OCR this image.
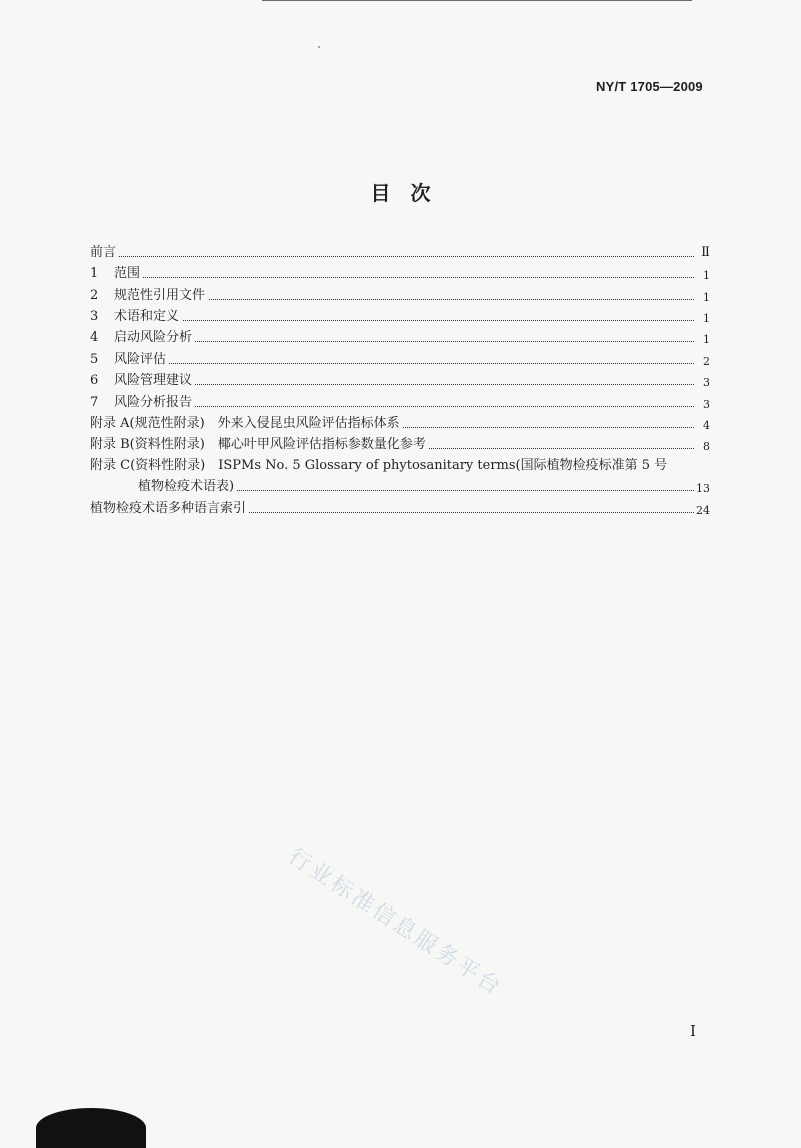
NY/T 1705—2009
目　次
前言	Ⅱ
1 范围	1
2 规范性引用文件	1
3 术语和定义	1
4 启动风险分析	1
5 风险评估	2
6 风险管理建议	3
7 风险分析报告	3
附录 A(规范性附录)　外来入侵昆虫风险评估指标体系	4
附录 B(资料性附录)　椰心叶甲风险评估指标参数量化参考	8
附录 C(资料性附录)　ISPMs No. 5 Glossary of phytosanitary terms(国际植物检疫标准第 5 号
植物检疫术语表)	13
植物检疫术语多种语言索引	24
行业标准信息服务平台
I
